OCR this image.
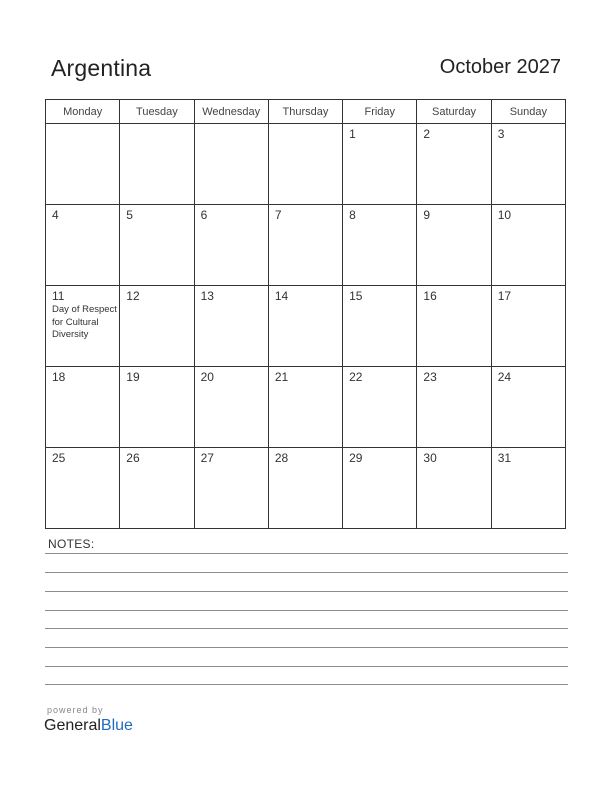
Argentina	October 2027
Monday	Tuesday	Wednesday	Thursday	Friday	Saturday	Sunday

				1	2	3

4	5	6	7	8	9	10

11
Day of Respect for Cultural Diversity	12	13	14	15	16	17

18	19	20	21	22	23	24

25	26	27	28	29	30	31
NOTES:
powered by
GeneralBlue
